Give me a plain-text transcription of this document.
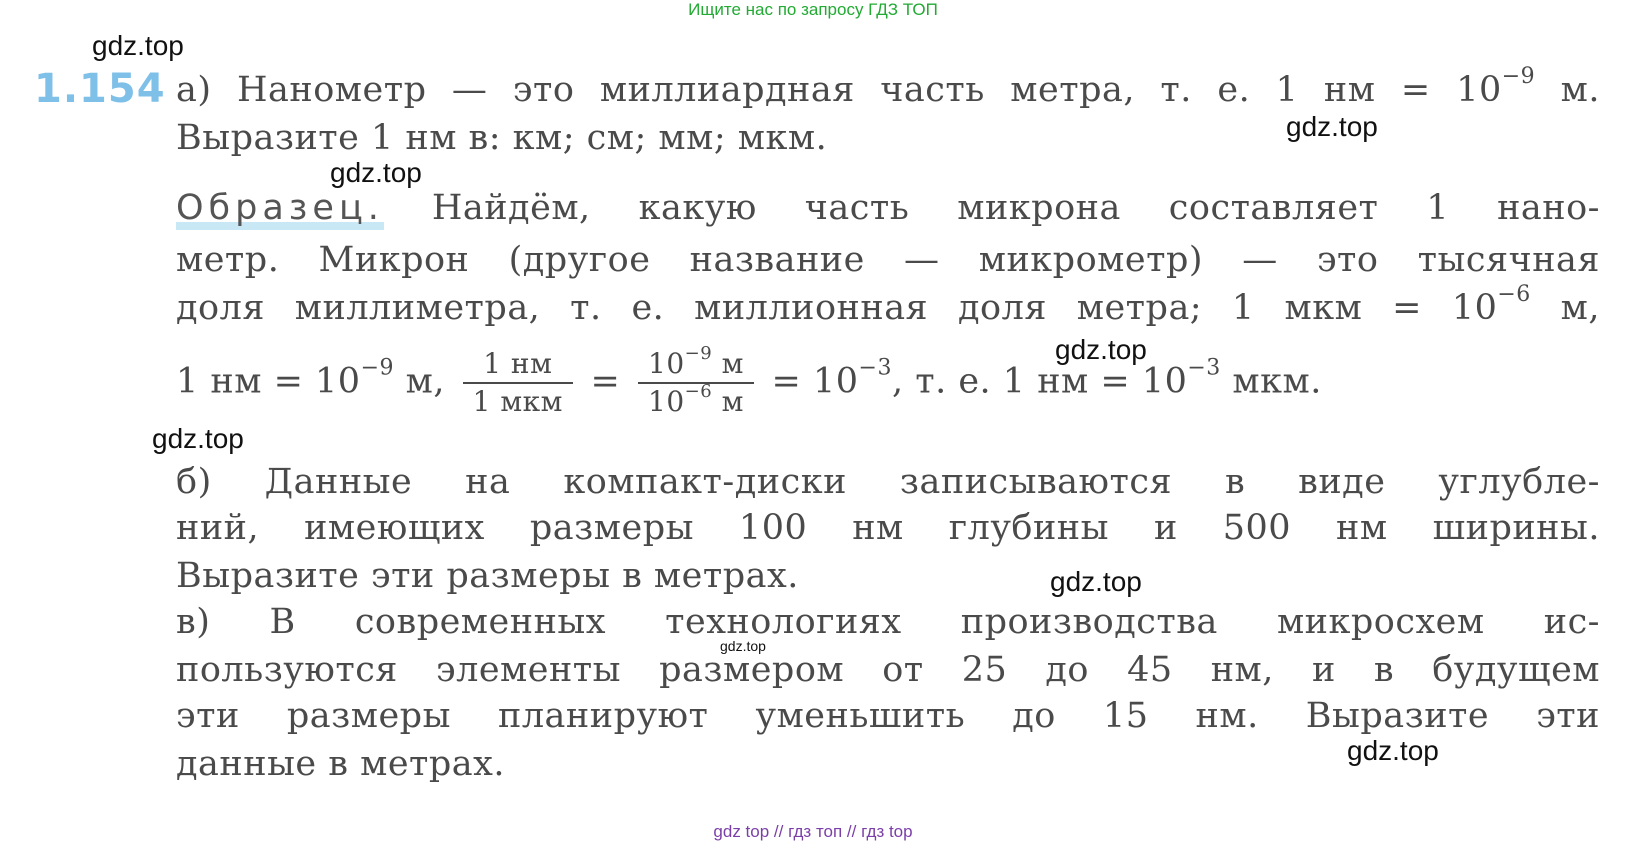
Ищите нас по запросу ГДЗ ТОП
1.154 а) Нанометр — это миллиардная часть метра, т. е. 1 нм = $10^{-9}$ м.
Выразите 1 нм в: км; см; мм; мкм.
Образец. Найдём, какую часть микрона составляет 1 нано-
метр. Микрон (другое название — микрометр) — это тысячная
доля миллиметра, т. е. миллионная доля метра; 1 мкм = $10^{-6}$ м,
1 нм = $10^{-9}$ м, $\frac{1 нм}{\text{1 мкм}} = \frac{10^{-9} м}{10^{-6} м} = 10^{-3}$, т. е. 1 нм = $10^{-3}$ мкм.
б) Данные на компакт-диски записываются в виде углубле-
ний, имеющих размеры 100 нм глубины и 500 нм ширины.
Выразите эти размеры в метрах.
в) В современных технологиях производства микросхем ис-
пользуются элементы размером от 25 до 45 нм, и в будущем
эти размеры планируют уменьшить до 15 нм. Выразите эти
данные в метрах.
gdz.top
gdz.top
gdz.top
gdz.top
gdz.top
gdz.top
gdz.top
gdz.top
gdz top // гдз топ // гдз top
